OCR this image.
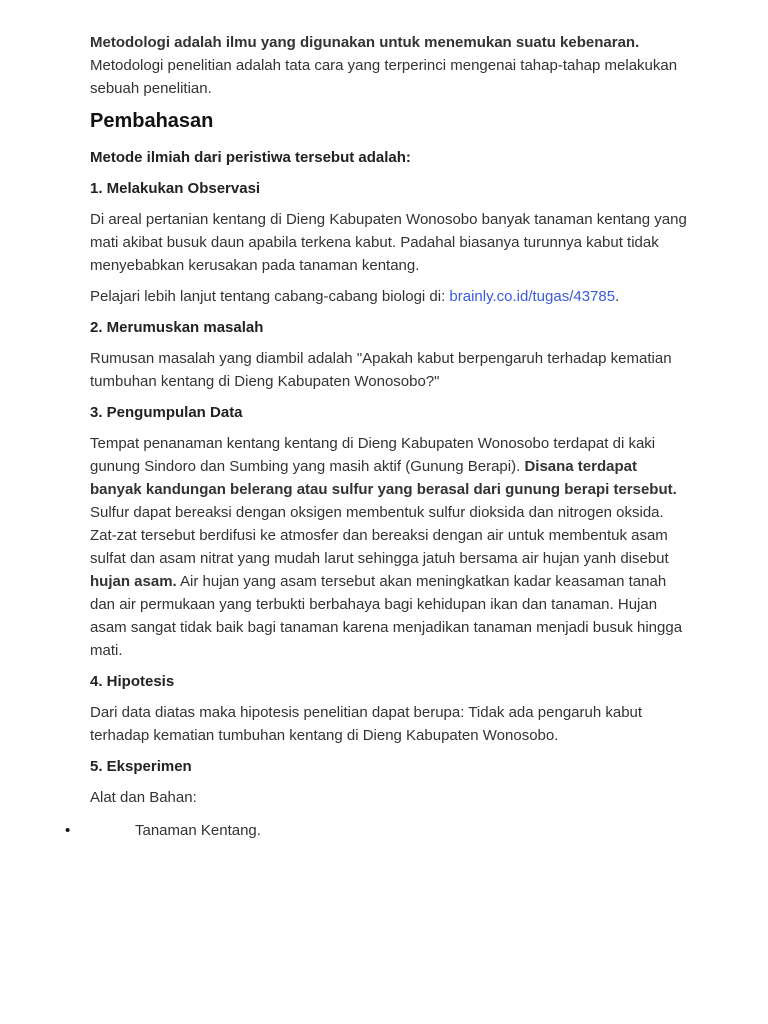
Metodologi adalah ilmu yang digunakan untuk menemukan suatu kebenaran. Metodologi penelitian adalah tata cara yang terperinci mengenai tahap-tahap melakukan sebuah penelitian.

Pembahasan
Metode ilmiah dari peristiwa tersebut adalah:
1. Melakukan Observasi

Di areal pertanian kentang di Dieng Kabupaten Wonosobo banyak tanaman kentang yang mati akibat busuk daun apabila terkena kabut. Padahal biasanya turunnya kabut tidak menyebabkan kerusakan pada tanaman kentang.

Pelajari lebih lanjut tentang cabang-cabang biologi di: brainly.co.id/tugas/43785.

2. Merumuskan masalah

Rumusan masalah yang diambil adalah "Apakah kabut berpengaruh terhadap kematian tumbuhan kentang di Dieng Kabupaten Wonosobo?"

3. Pengumpulan Data

Tempat penanaman kentang kentang di Dieng Kabupaten Wonosobo terdapat di kaki gunung Sindoro dan Sumbing yang masih aktif (Gunung Berapi). Disana terdapat banyak kandungan belerang atau sulfur yang berasal dari gunung berapi tersebut. Sulfur dapat bereaksi dengan oksigen membentuk sulfur dioksida dan nitrogen oksida. Zat-zat tersebut berdifusi ke atmosfer dan bereaksi dengan air untuk membentuk asam sulfat dan asam nitrat yang mudah larut sehingga jatuh bersama air hujan yanh disebut hujan asam. Air hujan yang asam tersebut akan meningkatkan kadar keasaman tanah dan air permukaan yang terbukti berbahaya bagi kehidupan ikan dan tanaman. Hujan asam sangat tidak baik bagi tanaman karena menjadikan tanaman menjadi busuk hingga mati.

4. Hipotesis

Dari data diatas maka hipotesis penelitian dapat berupa: Tidak ada pengaruh kabut terhadap kematian tumbuhan kentang di Dieng Kabupaten Wonosobo.

5. Eksperimen

Alat dan Bahan:

•	Tanaman Kentang.
